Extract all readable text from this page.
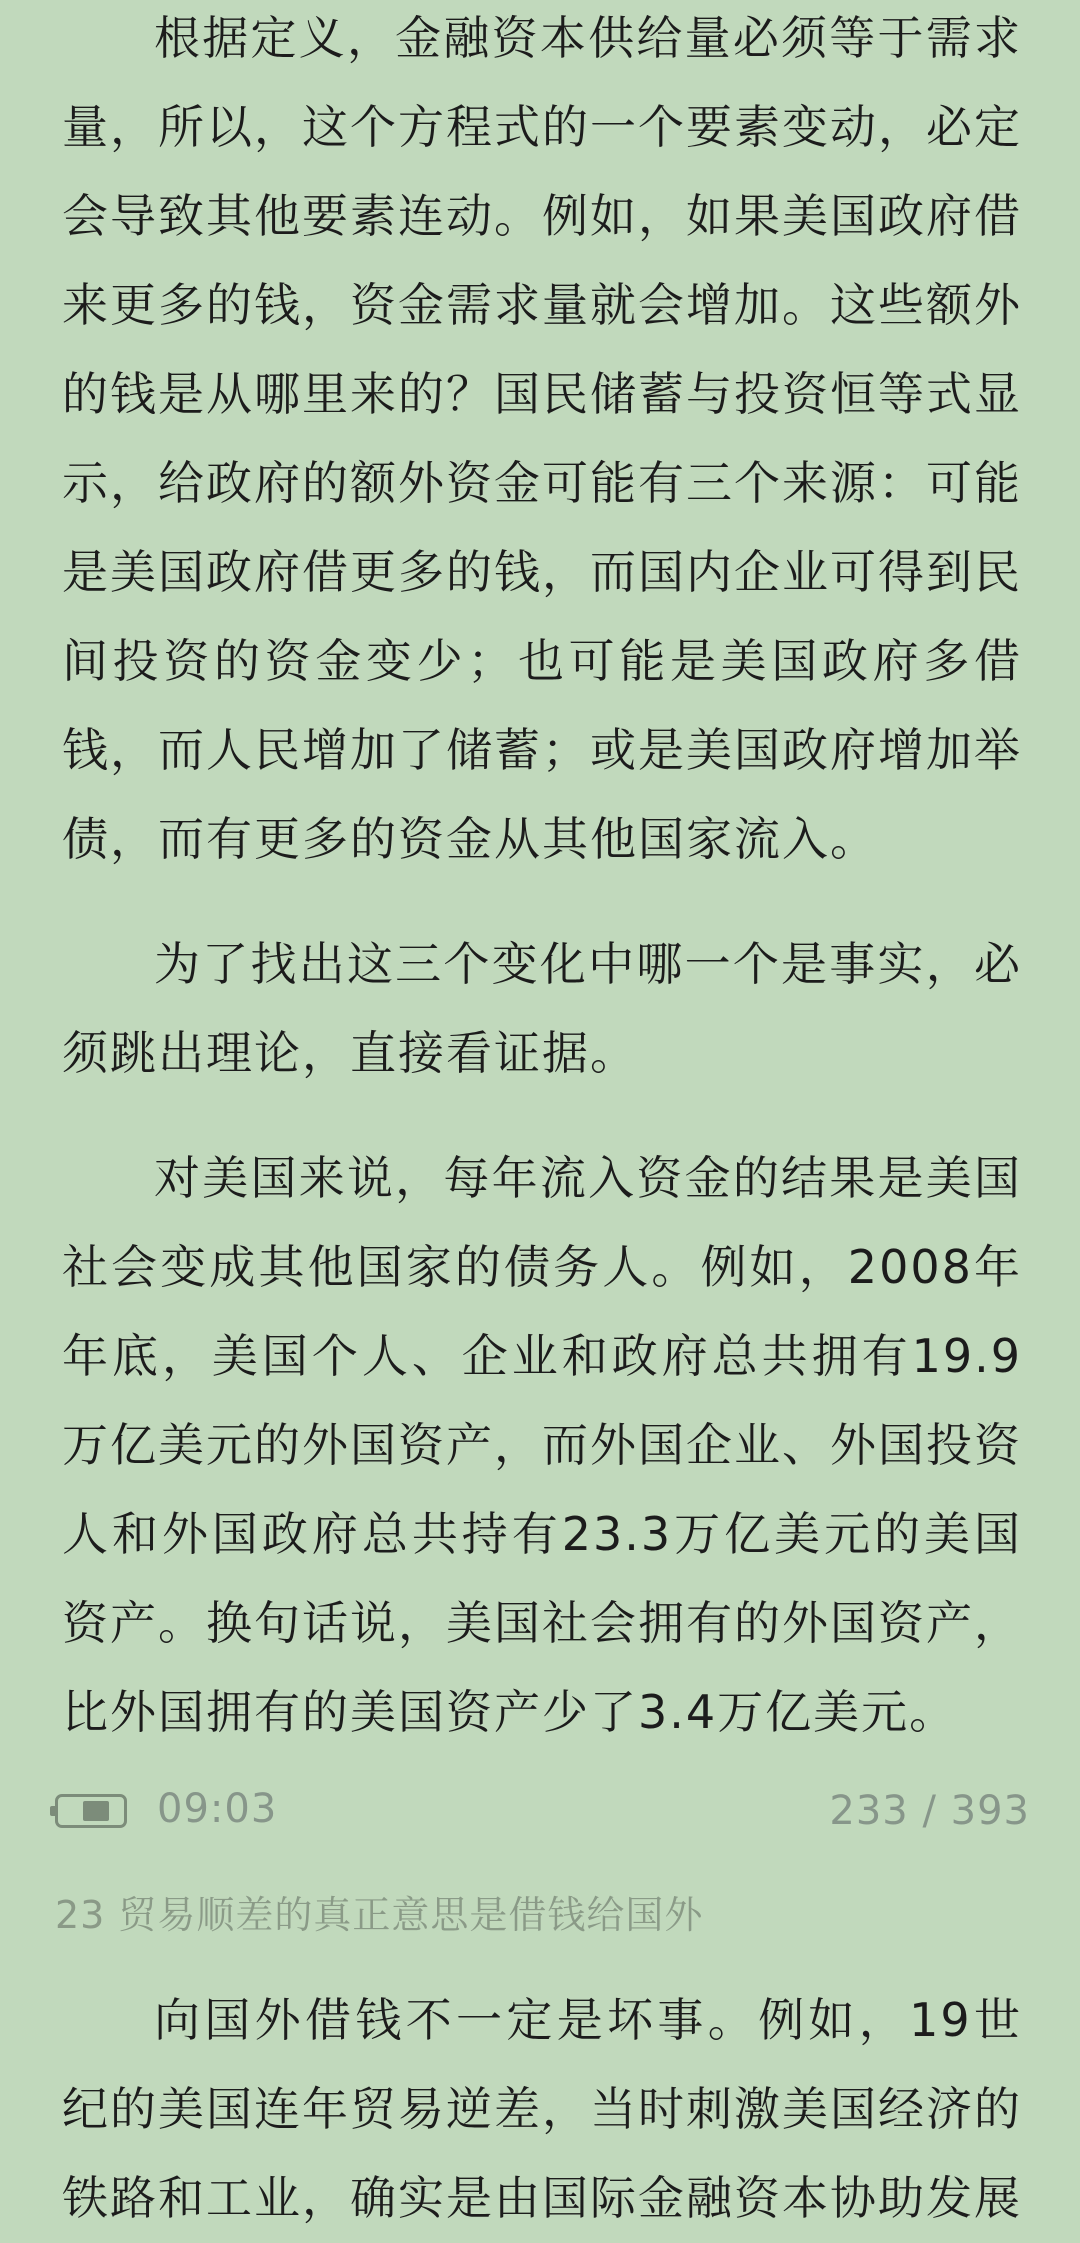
根据定义，金融资本供给量必须等于需求量，所以，这个方程式的一个要素变动，必定会导致其他要素连动。例如，如果美国政府借来更多的钱，资金需求量就会增加。这些额外的钱是从哪里来的？国民储蓄与投资恒等式显示，给政府的额外资金可能有三个来源：可能是美国政府借更多的钱，而国内企业可得到民间投资的资金变少；也可能是美国政府多借钱，而人民增加了储蓄；或是美国政府增加举债，而有更多的资金从其他国家流入。

为了找出这三个变化中哪一个是事实，必须跳出理论，直接看证据。

对美国来说，每年流入资金的结果是美国社会变成其他国家的债务人。例如，2008年年底，美国个人、企业和政府总共拥有19.9万亿美元的外国资产，而外国企业、外国投资人和外国政府总共持有23.3万亿美元的美国资产。换句话说，美国社会拥有的外国资产，比外国拥有的美国资产少了3.4万亿美元。

09:03	233 / 393
23 贸易顺差的真正意思是借钱给国外

向国外借钱不一定是坏事。例如，19世纪的美国连年贸易逆差，当时刺激美国经济的铁路和工业，确实是由国际金融资本协助发展
